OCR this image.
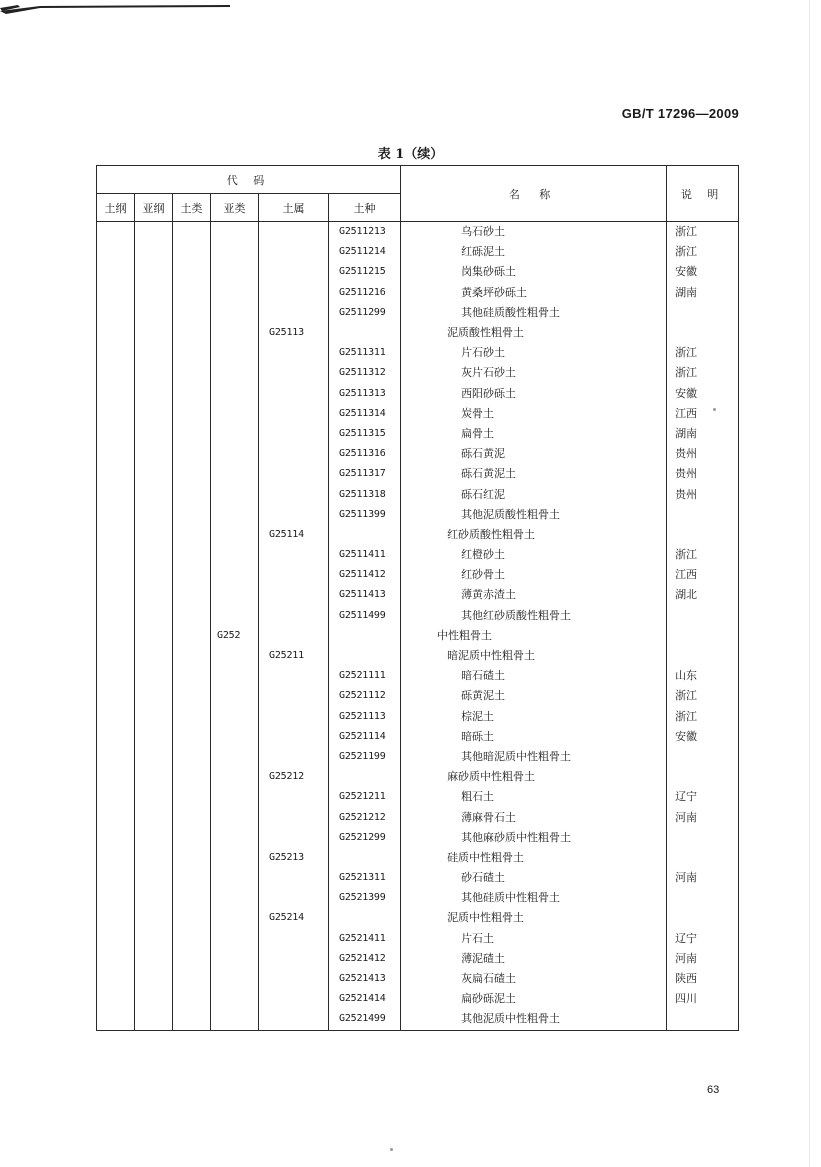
GB/T 17296—2009
表 1（续）
代 码						名 称	说 明
土纲	亚纲	土类	亚类	土属	土种		
					G2511213	乌石砂土	浙江
					G2511214	红砾泥土	浙江
					G2511215	岗集砂砾土	安徽
					G2511216	黄桑坪砂砾土	湖南
					G2511299	其他硅质酸性粗骨土	
				G25113		泥质酸性粗骨土	
					G2511311	片石砂土	浙江
					G2511312	灰片石砂土	浙江
					G2511313	西阳砂砾土	安徽
					G2511314	炭骨土	江西
					G2511315	扁骨土	湖南
					G2511316	砾石黄泥	贵州
					G2511317	砾石黄泥土	贵州
					G2511318	砾石红泥	贵州
					G2511399	其他泥质酸性粗骨土	
				G25114		红砂质酸性粗骨土	
					G2511411	红橙砂土	浙江
					G2511412	红砂骨土	江西
					G2511413	薄黄赤渣土	湖北
					G2511499	其他红砂质酸性粗骨土	
			G252			中性粗骨土	
				G25211		暗泥质中性粗骨土	
					G2521111	暗石碴土	山东
					G2521112	砾黄泥土	浙江
					G2521113	棕泥土	浙江
					G2521114	暗砾土	安徽
					G2521199	其他暗泥质中性粗骨土	
				G25212		麻砂质中性粗骨土	
					G2521211	粗石土	辽宁
					G2521212	薄麻骨石土	河南
					G2521299	其他麻砂质中性粗骨土	
				G25213		硅质中性粗骨土	
					G2521311	砂石碴土	河南
					G2521399	其他硅质中性粗骨土	
				G25214		泥质中性粗骨土	
					G2521411	片石土	辽宁
					G2521412	薄泥碴土	河南
					G2521413	灰扁石碴土	陕西
					G2521414	扁砂砾泥土	四川
					G2521499	其他泥质中性粗骨土	
63
